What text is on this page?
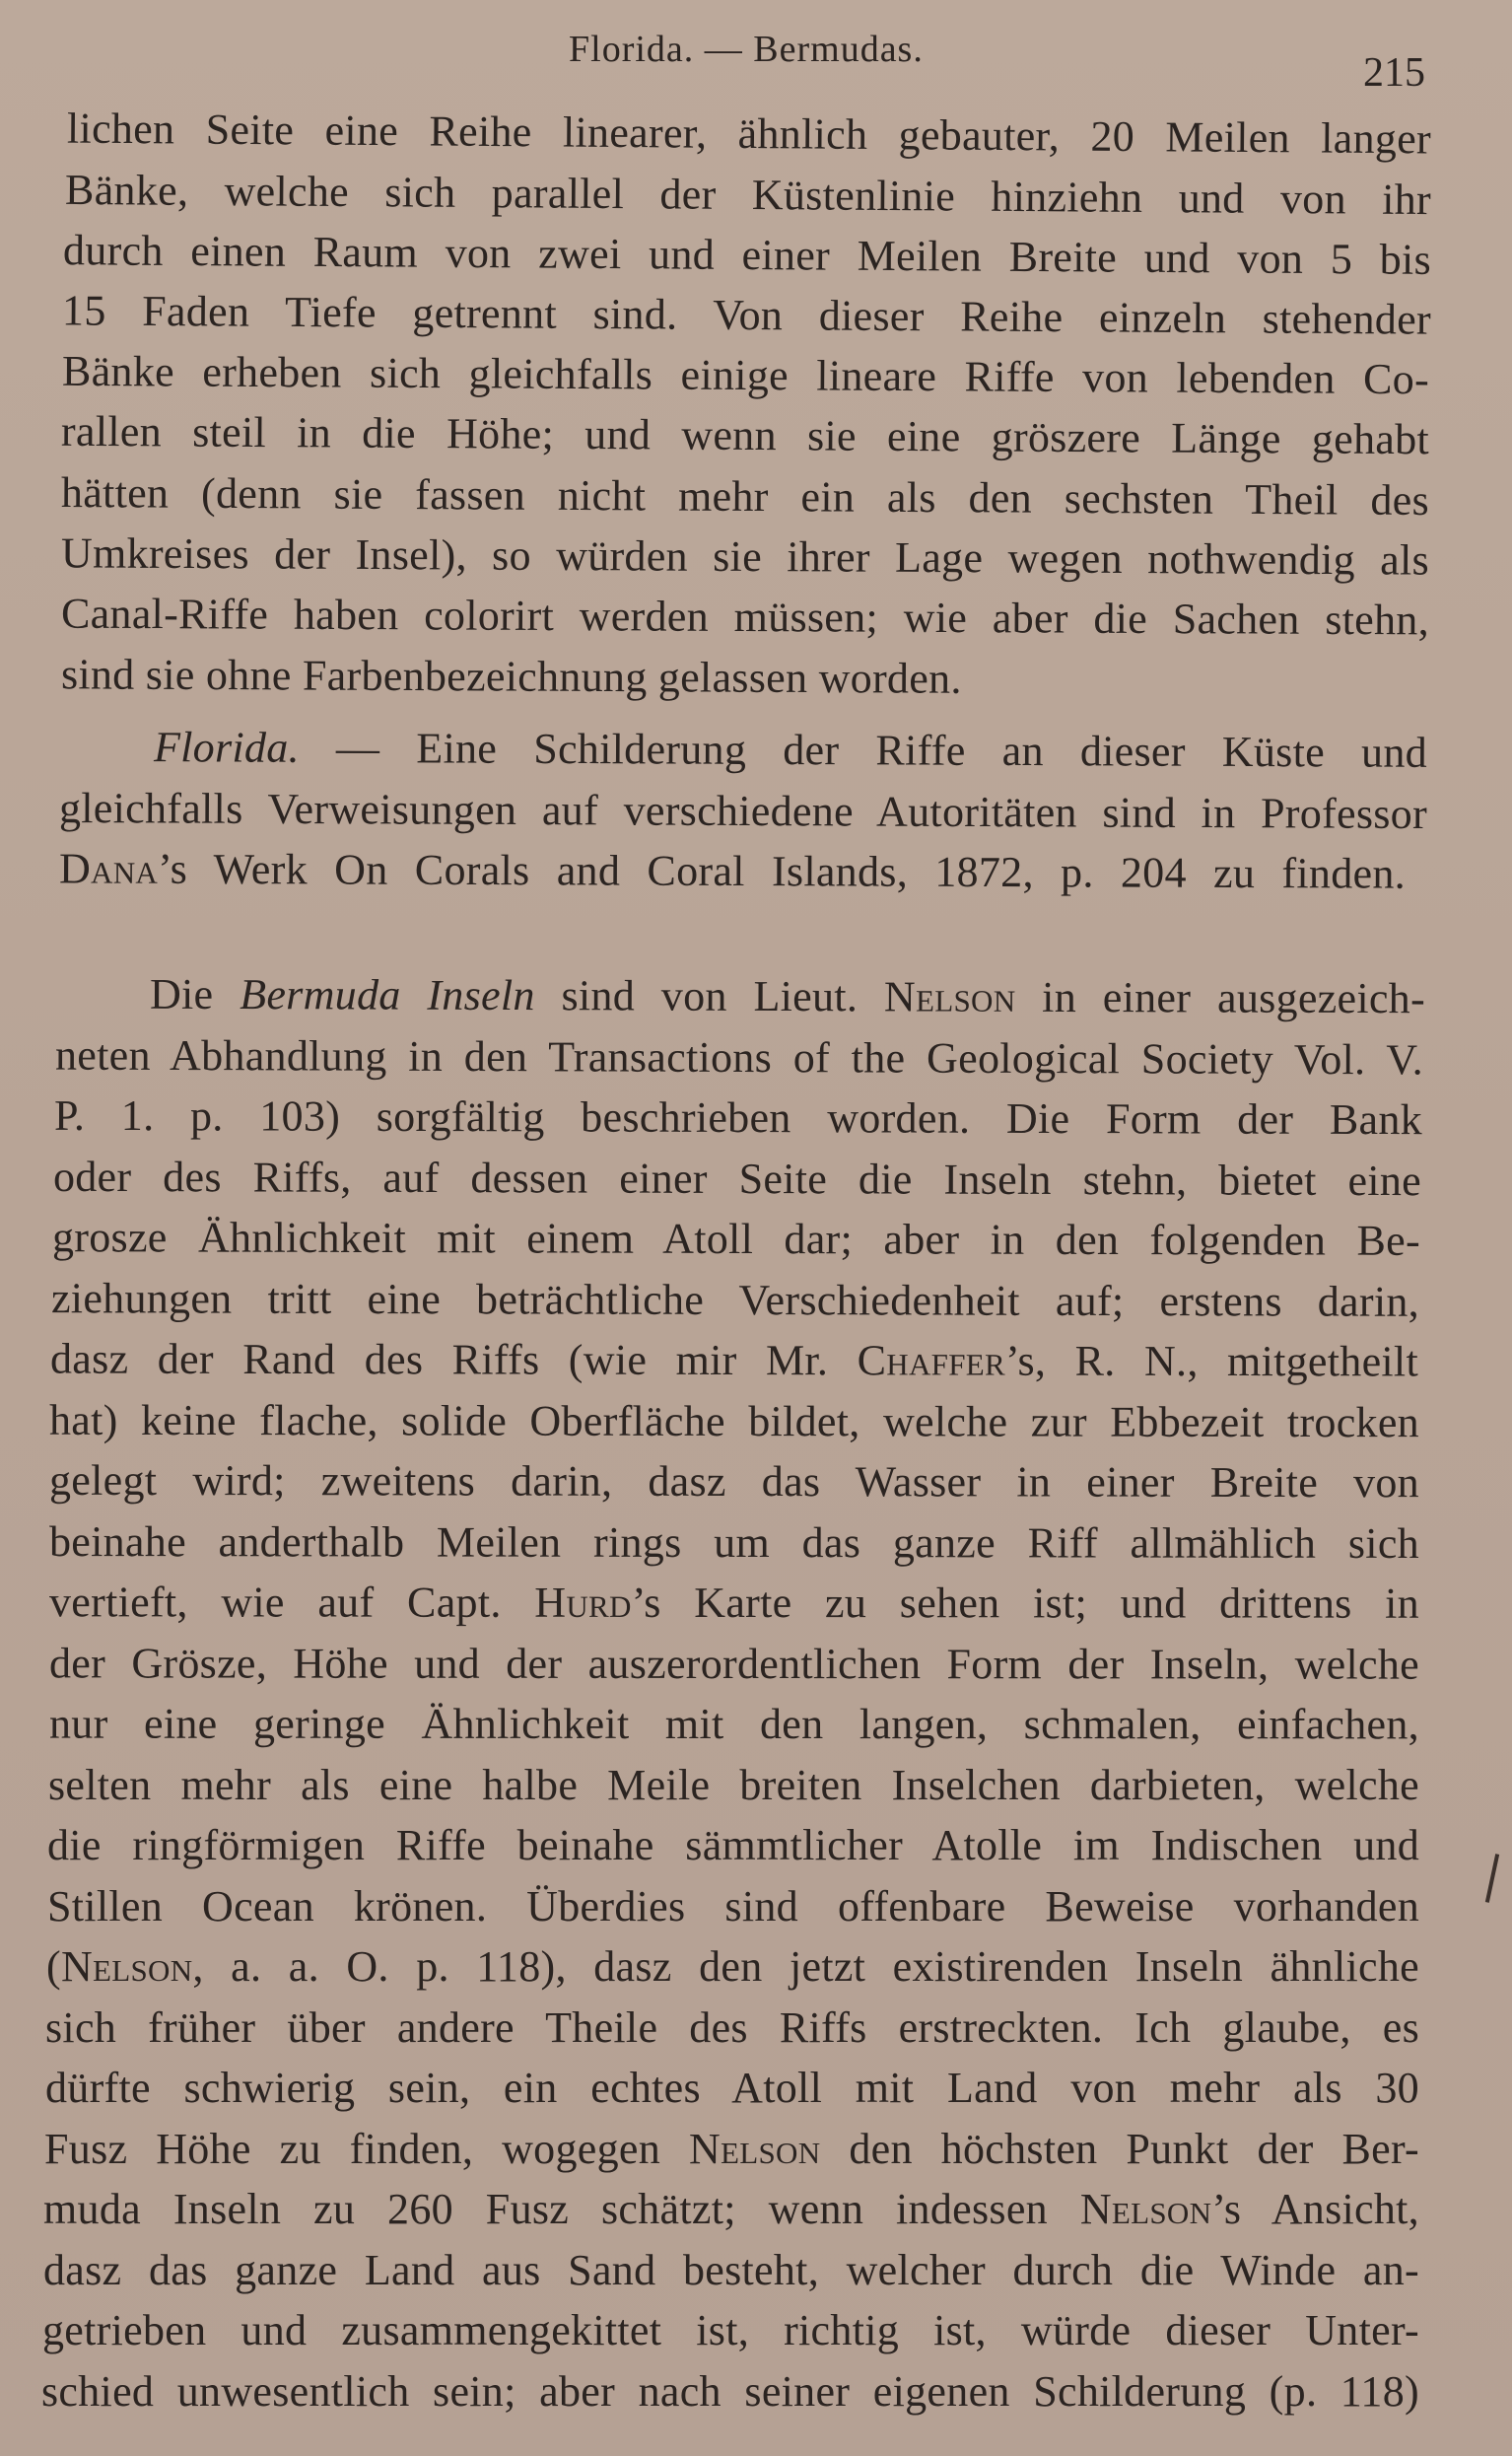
Florida. — Bermudas.
215
lichen Seite eine Reihe linearer, ähnlich gebauter, 20 Meilen langer
Bänke, welche sich parallel der Küstenlinie hinziehn und von ihr
durch einen Raum von zwei und einer Meilen Breite und von 5 bis
15 Faden Tiefe getrennt sind. Von dieser Reihe einzeln stehender
Bänke erheben sich gleichfalls einige lineare Riffe von lebenden Co-
rallen steil in die Höhe; und wenn sie eine grӧszere Länge gehabt
hätten (denn sie fassen nicht mehr ein als den sechsten Theil des
Umkreises der Insel), so würden sie ihrer Lage wegen nothwendig als
Canal-Riffe haben colorirt werden müssen; wie aber die Sachen stehn,
sind sie ohne Farbenbezeichnung gelassen worden.
Florida. — Eine Schilderung der Riffe an dieser Küste und
gleichfalls Verweisungen auf verschiedene Autoritäten sind in Professor
Dana’s Werk On Corals and Coral Islands, 1872, p. 204 zu finden.
Die Bermuda Inseln sind von Lieut. Nelson in einer ausgezeich-
neten Abhandlung in den Transactions of the Geological Society Vol. V.
P. 1. p. 103) sorgfältig beschrieben worden. Die Form der Bank
oder des Riffs, auf dessen einer Seite die Inseln stehn, bietet eine
grosze Ähnlichkeit mit einem Atoll dar; aber in den folgenden Be-
ziehungen tritt eine beträchtliche Verschiedenheit auf; erstens darin,
dasz der Rand des Riffs (wie mir Mr. Chaffer’s, R. N., mitgetheilt
hat) keine flache, solide Oberfläche bildet, welche zur Ebbezeit trocken
gelegt wird; zweitens darin, dasz das Wasser in einer Breite von
beinahe anderthalb Meilen rings um das ganze Riff allmählich sich
vertieft, wie auf Capt. Hurd’s Karte zu sehen ist; und drittens in
der Grösze, Höhe und der auszerordentlichen Form der Inseln, welche
nur eine geringe Ähnlichkeit mit den langen, schmalen, einfachen,
selten mehr als eine halbe Meile breiten Inselchen darbieten, welche
die ringfӧrmigen Riffe beinahe sämmtlicher Atolle im Indischen und
Stillen Ocean krӧnen. Überdies sind offenbare Beweise vorhanden
(Nelson, a. a. O. p. 118), dasz den jetzt existirenden Inseln ähnliche
sich früher über andere Theile des Riffs erstreckten. Ich glaube, es
dürfte schwierig sein, ein echtes Atoll mit Land von mehr als 30
Fusz Hӧhe zu finden, wogegen Nelson den hӧchsten Punkt der Ber-
muda Inseln zu 260 Fusz schätzt; wenn indessen Nelson’s Ansicht,
dasz das ganze Land aus Sand besteht, welcher durch die Winde an-
getrieben und zusammengekittet ist, richtig ist, würde dieser Unter-
schied unwesentlich sein; aber nach seiner eigenen Schilderung (p. 118)
